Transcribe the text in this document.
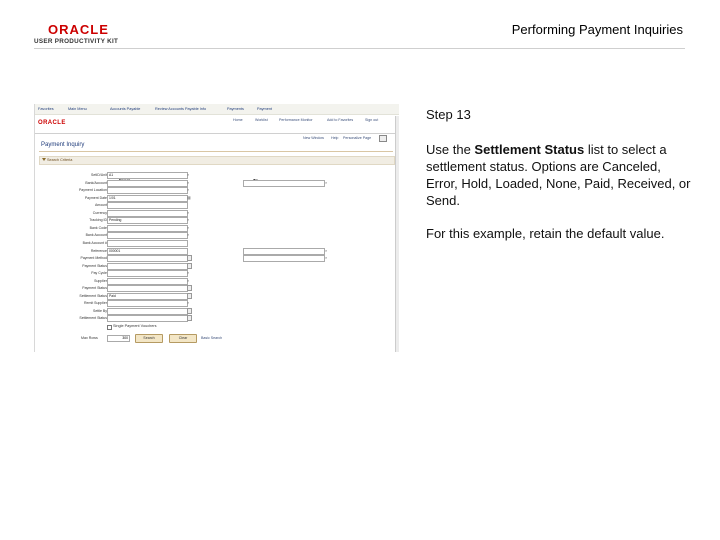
ORACLE
USER PRODUCTIVITY KIT
Performing Payment Inquiries
Favorites	Main Menu	Accounts Payable	Review Accounts Payable Info	Payments	Payment
ORACLE	Home	Worklist	Performance Monitor	Add to Favorites	Sign out
New Window Help Personalize Page
Payment Inquiry
Search Criteria
Single Payment Vouchers
Max Rows	300	Search	Clear	Basic Search
SetID/Unit A1	⌕
Bank/Account	⌕	⌕
Payment Location	⌕
Payment Date 1/01	▦
Amount
Currency	⌕
Tracking ID Pending	⌕
Bank Code	⌕
Bank Account	⌕
Bank Account #
Reference 000001	⌕
Payment Method	⌕
Payment Status
Pay Cycle	⌕
Supplier	⌕
Payment Status
Settlement Status Paid
Remit Supplier	⌕
Settle By
Settlement Status
Step 13

Use the Settlement Status list to select a settlement status. Options are Canceled, Error, Hold, Loaded, None, Paid, Received, or Send.

For this example, retain the default value.
